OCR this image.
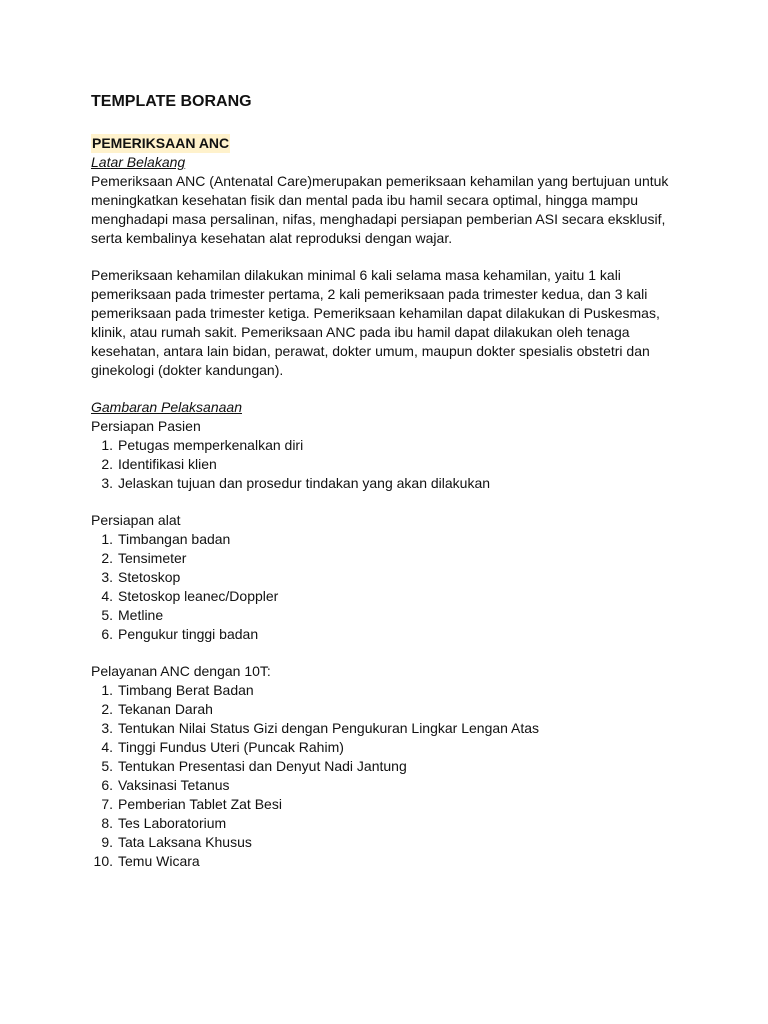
TEMPLATE BORANG
PEMERIKSAAN ANC
Latar Belakang
Pemeriksaan ANC (Antenatal Care)merupakan pemeriksaan kehamilan yang bertujuan untuk
meningkatkan kesehatan fisik dan mental pada ibu hamil secara optimal, hingga mampu
menghadapi masa persalinan, nifas, menghadapi persiapan pemberian ASI secara eksklusif,
serta kembalinya kesehatan alat reproduksi dengan wajar.
Pemeriksaan kehamilan dilakukan minimal 6 kali selama masa kehamilan, yaitu 1 kali
pemeriksaan pada trimester pertama, 2 kali pemeriksaan pada trimester kedua, dan 3 kali
pemeriksaan pada trimester ketiga. Pemeriksaan kehamilan dapat dilakukan di Puskesmas,
klinik, atau rumah sakit. Pemeriksaan ANC pada ibu hamil dapat dilakukan oleh tenaga
kesehatan, antara lain bidan, perawat, dokter umum, maupun dokter spesialis obstetri dan
ginekologi (dokter kandungan).
Gambaran Pelaksanaan
Persiapan Pasien
1. Petugas memperkenalkan diri
2. Identifikasi klien
3. Jelaskan tujuan dan prosedur tindakan yang akan dilakukan
Persiapan alat
1. Timbangan badan
2. Tensimeter
3. Stetoskop
4. Stetoskop leanec/Doppler
5. Metline
6. Pengukur tinggi badan
Pelayanan ANC dengan 10T:
1. Timbang Berat Badan
2. Tekanan Darah
3. Tentukan Nilai Status Gizi dengan Pengukuran Lingkar Lengan Atas
4. Tinggi Fundus Uteri (Puncak Rahim)
5. Tentukan Presentasi dan Denyut Nadi Jantung
6. Vaksinasi Tetanus
7. Pemberian Tablet Zat Besi
8. Tes Laboratorium
9. Tata Laksana Khusus
10. Temu Wicara
